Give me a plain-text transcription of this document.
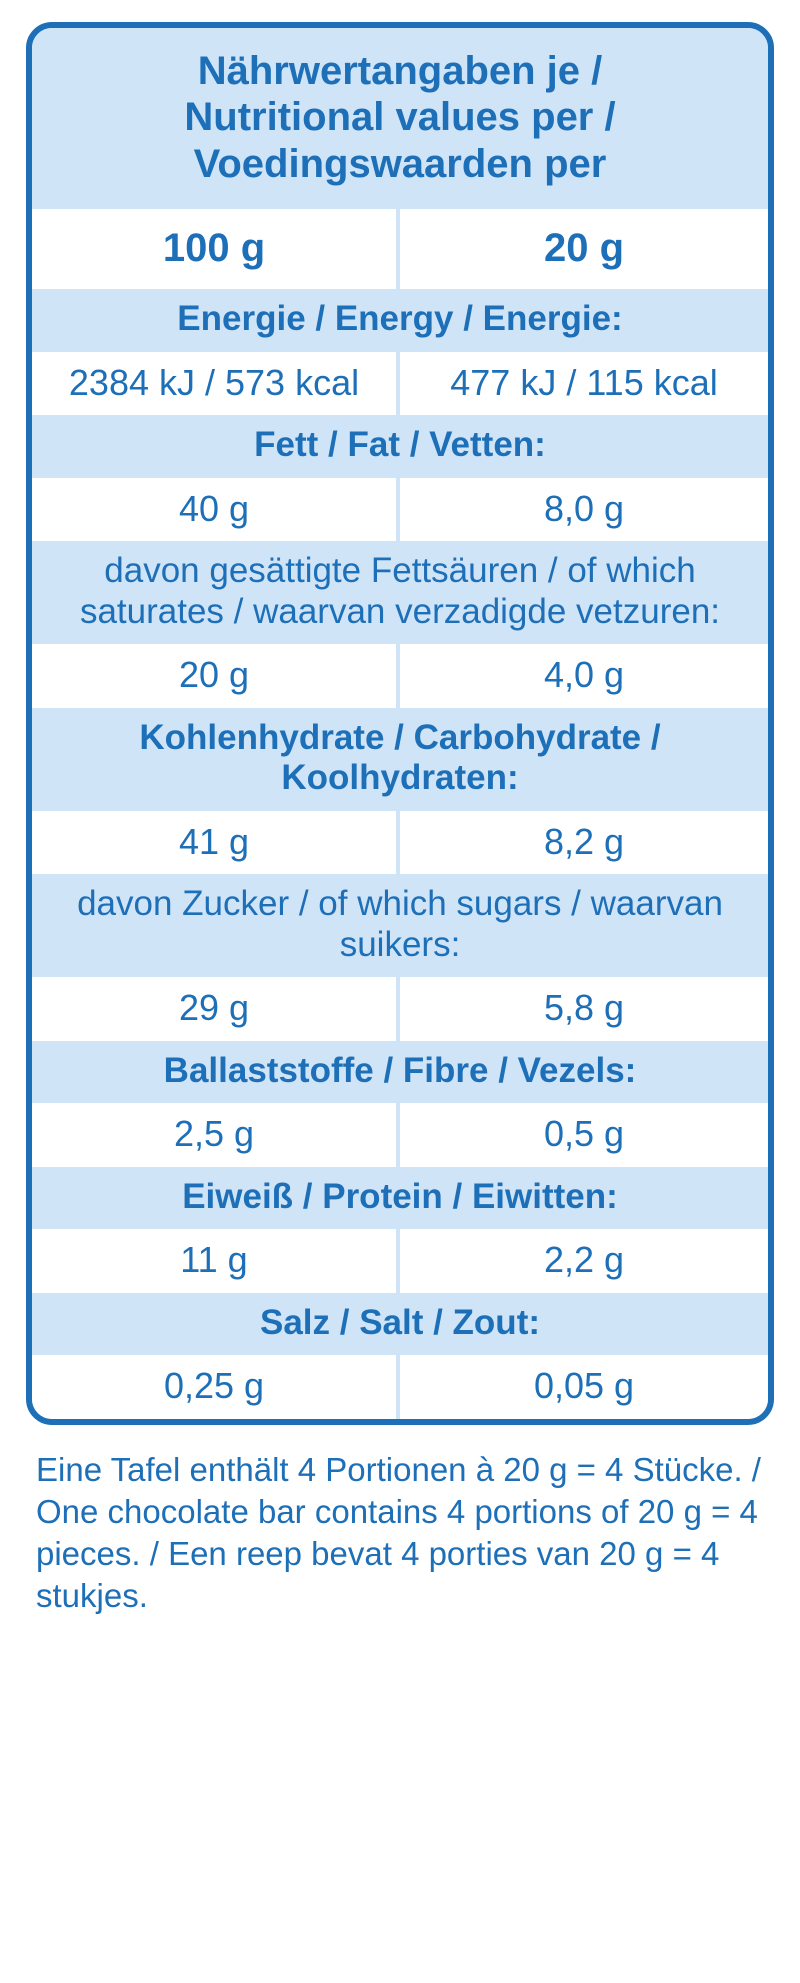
Nährwertangaben je /
Nutritional values per /
Voedingswaarden per
100 g	20 g
Energie / Energy / Energie:
2384 kJ / 573 kcal	477 kJ / 115 kcal
Fett / Fat / Vetten:
40 g	8,0 g
davon gesättigte Fettsäuren / of which saturates / waarvan verzadigde vetzuren:
20 g	4,0 g
Kohlenhydrate / Carbohydrate / Koolhydraten:
41 g	8,2 g
davon Zucker / of which sugars / waarvan suikers:
29 g	5,8 g
Ballaststoffe / Fibre / Vezels:
2,5 g	0,5 g
Eiweiß / Protein / Eiwitten:
11 g	2,2 g
Salz / Salt / Zout:
0,25 g	0,05 g
Eine Tafel enthält 4 Portionen à 20 g = 4 Stücke. / One chocolate bar contains 4 portions of 20 g = 4 pieces. / Een reep bevat 4 porties van 20 g = 4 stukjes.
